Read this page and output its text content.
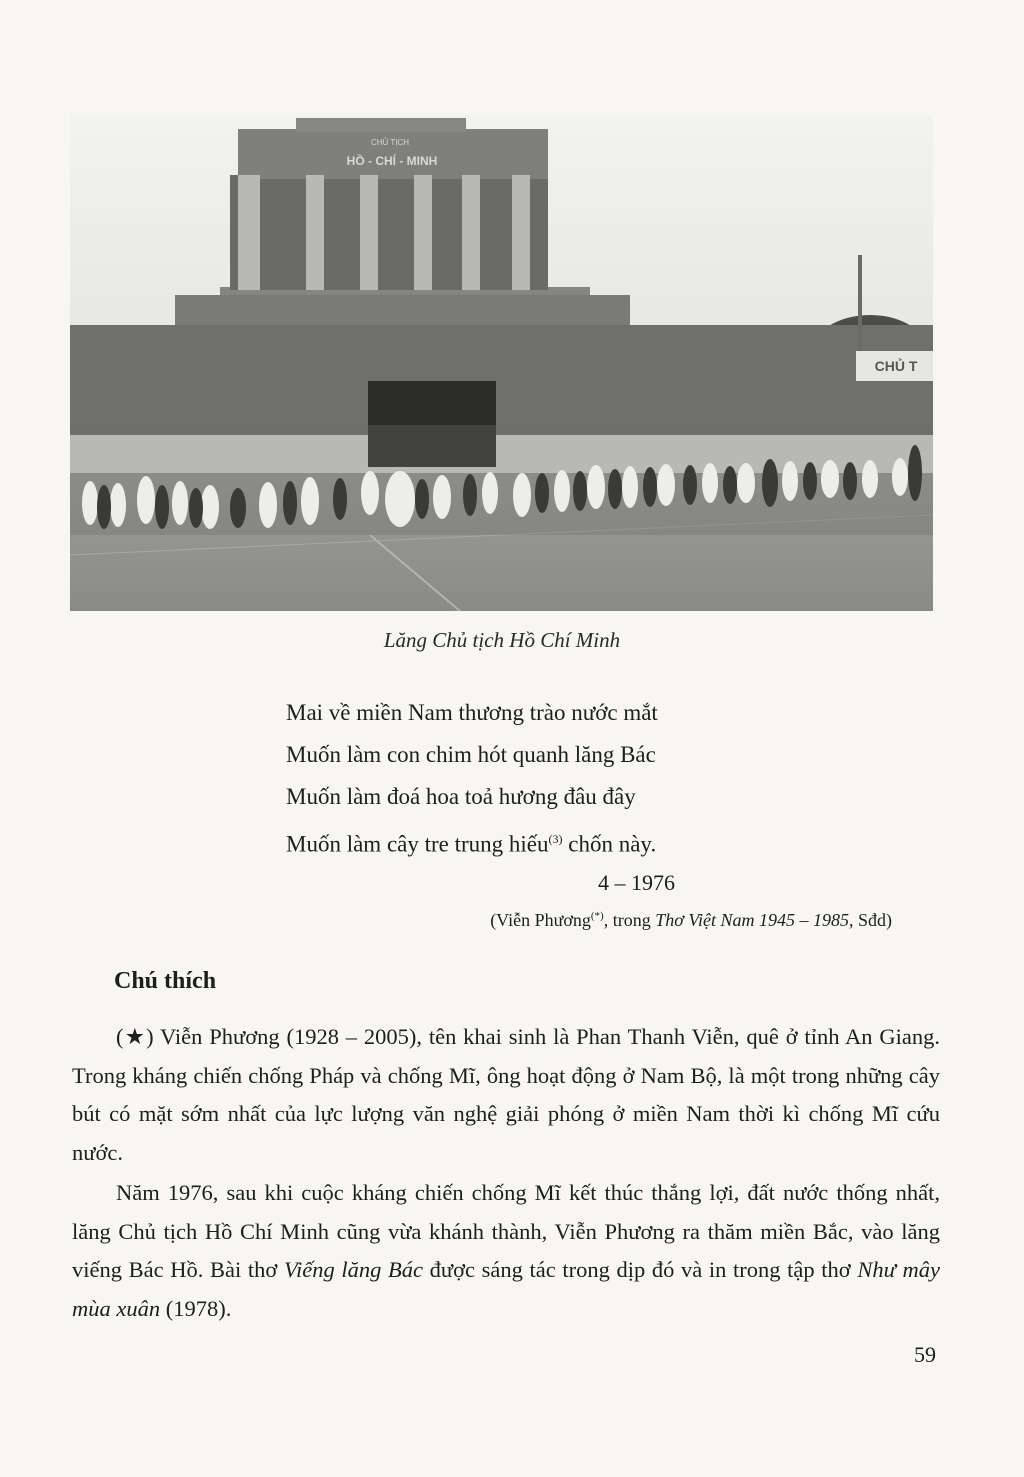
CHỦ TỊCH
HỒ - CHÍ - MINH
CHỦ T
Lăng Chủ tịch Hồ Chí Minh
Mai về miền Nam thương trào nước mắt
Muốn làm con chim hót quanh lăng Bác
Muốn làm đoá hoa toả hương đâu đây
Muốn làm cây tre trung hiếu$^{(3)}$ chốn này.
4 – 1976
(Viễn Phương(*), trong Thơ Việt Nam 1945 – 1985, Sđd)
Chú thích
(★) Viễn Phương (1928 – 2005), tên khai sinh là Phan Thanh Viễn, quê ở tỉnh An Giang. Trong kháng chiến chống Pháp và chống Mĩ, ông hoạt động ở Nam Bộ, là một trong những cây bút có mặt sớm nhất của lực lượng văn nghệ giải phóng ở miền Nam thời kì chống Mĩ cứu nước.
Năm 1976, sau khi cuộc kháng chiến chống Mĩ kết thúc thắng lợi, đất nước thống nhất, lăng Chủ tịch Hồ Chí Minh cũng vừa khánh thành, Viễn Phương ra thăm miền Bắc, vào lăng viếng Bác Hồ. Bài thơ Viếng lăng Bác được sáng tác trong dịp đó và in trong tập thơ Như mây mùa xuân (1978).
59
